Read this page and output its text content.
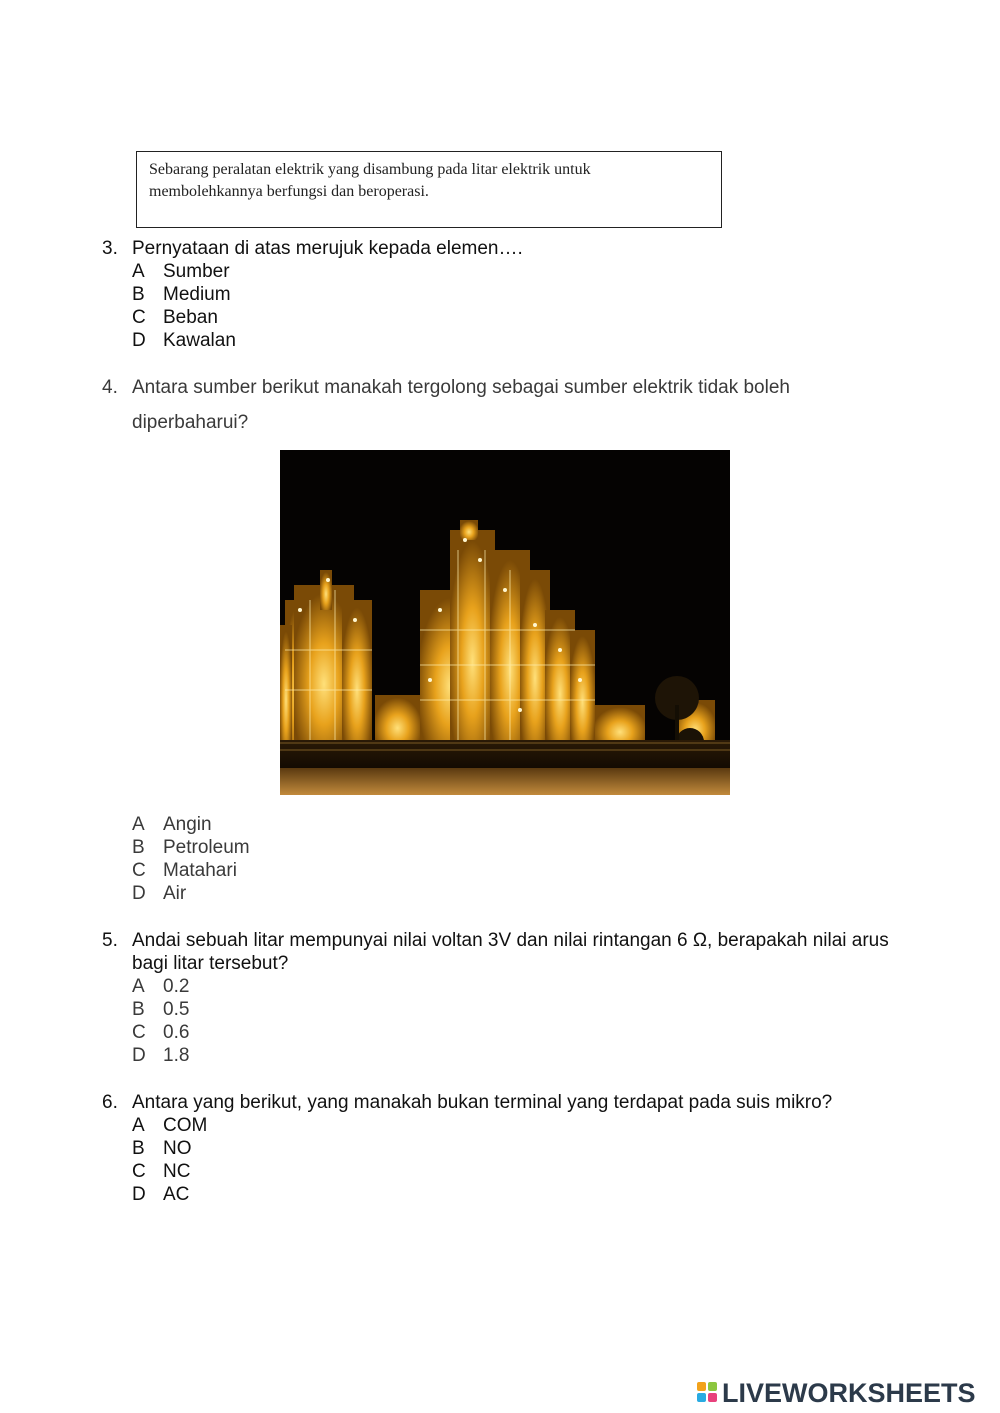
Sebarang peralatan elektrik yang disambung pada litar elektrik untuk
membolehkannya berfungsi dan beroperasi.
3. Pernyataan di atas merujuk kepada elemen….
A Sumber
B Medium
C Beban
D Kawalan
4. Antara sumber berikut manakah tergolong sebagai sumber elektrik tidak boleh
diperbaharui?
A Angin
B Petroleum
C Matahari
D Air
5. Andai sebuah litar mempunyai nilai voltan 3V dan nilai rintangan 6 Ω, berapakah nilai arus
bagi litar tersebut?
A 0.2
B 0.5
C 0.6
D 1.8
6. Antara yang berikut, yang manakah bukan terminal yang terdapat pada suis mikro?
A COM
B NO
C NC
D AC
LIVEWORKSHEETS
